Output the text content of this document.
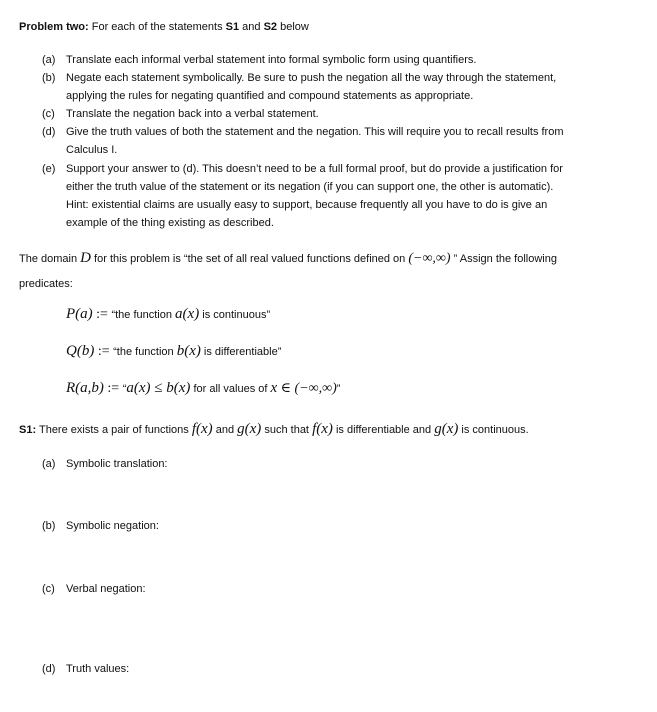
Problem two: For each of the statements S1 and S2 below
(a) Translate each informal verbal statement into formal symbolic form using quantifiers.
(b) Negate each statement symbolically. Be sure to push the negation all the way through the statement,
applying the rules for negating quantified and compound statements as appropriate.
(c) Translate the negation back into a verbal statement.
(d) Give the truth values of both the statement and the negation. This will require you to recall results from
Calculus I.
(e) Support your answer to (d). This doesn’t need to be a full formal proof, but do provide a justification for
either the truth value of the statement or its negation (if you can support one, the other is automatic).
Hint: existential claims are usually easy to support, because frequently all you have to do is give an
example of the thing existing as described.
The domain D for this problem is “the set of all real valued functions defined on (−∞,∞) ” Assign the following
predicates:
P(a) := “the function a(x) is continuous”
Q(b) := “the function b(x) is differentiable”
R(a,b) := “a(x) ≤ b(x) for all values of x ∈ (−∞,∞)”
S1: There exists a pair of functions f(x) and g(x) such that f(x) is differentiable and g(x) is continuous.
(a) Symbolic translation:
(b) Symbolic negation:
(c) Verbal negation:
(d) Truth values:
